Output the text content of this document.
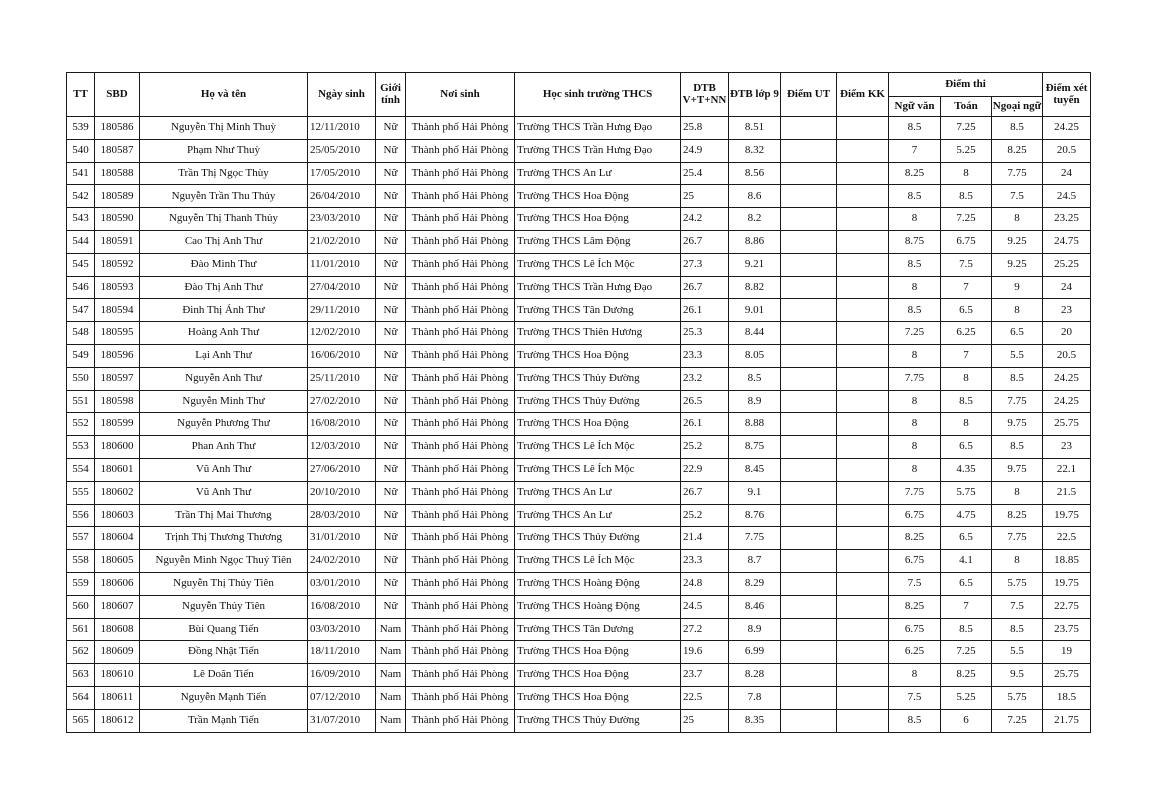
TT	SBD	Họ và tên	Ngày sinh	Giới tính	Nơi sinh	Học sinh trường THCS	DTB V+T+NN	ĐTB lớp 9	Điểm UT	Điểm KK	Điểm thi			Điểm xét tuyển
											Ngữ văn	Toán	Ngoại ngữ	
539	180586	Nguyễn Thị Minh Thuỳ	12/11/2010	Nữ	Thành phố Hải Phòng	Trường THCS Trần Hưng Đạo	25.8	8.51			8.5	7.25	8.5	24.25
540	180587	Phạm Như Thuỳ	25/05/2010	Nữ	Thành phố Hải Phòng	Trường THCS Trần Hưng Đạo	24.9	8.32			7	5.25	8.25	20.5
541	180588	Trần Thị Ngọc Thùy	17/05/2010	Nữ	Thành phố Hải Phòng	Trường THCS An Lư	25.4	8.56			8.25	8	7.75	24
542	180589	Nguyễn Trần Thu Thủy	26/04/2010	Nữ	Thành phố Hải Phòng	Trường THCS Hoa Động	25	8.6			8.5	8.5	7.5	24.5
543	180590	Nguyễn Thị Thanh Thủy	23/03/2010	Nữ	Thành phố Hải Phòng	Trường THCS Hoa Động	24.2	8.2			8	7.25	8	23.25
544	180591	Cao Thị Anh Thư	21/02/2010	Nữ	Thành phố Hải Phòng	Trường THCS Lâm Động	26.7	8.86			8.75	6.75	9.25	24.75
545	180592	Đào Minh Thư	11/01/2010	Nữ	Thành phố Hải Phòng	Trường THCS Lê Ích Mộc	27.3	9.21			8.5	7.5	9.25	25.25
546	180593	Đào Thị Anh Thư	27/04/2010	Nữ	Thành phố Hải Phòng	Trường THCS Trần Hưng Đạo	26.7	8.82			8	7	9	24
547	180594	Đinh Thị Ánh Thư	29/11/2010	Nữ	Thành phố Hải Phòng	Trường THCS Tân Dương	26.1	9.01			8.5	6.5	8	23
548	180595	Hoàng Anh Thư	12/02/2010	Nữ	Thành phố Hải Phòng	Trường THCS Thiên Hương	25.3	8.44			7.25	6.25	6.5	20
549	180596	Lại Anh Thư	16/06/2010	Nữ	Thành phố Hải Phòng	Trường THCS Hoa Động	23.3	8.05			8	7	5.5	20.5
550	180597	Nguyễn Anh Thư	25/11/2010	Nữ	Thành phố Hải Phòng	Trường THCS Thủy Đường	23.2	8.5			7.75	8	8.5	24.25
551	180598	Nguyễn Minh Thư	27/02/2010	Nữ	Thành phố Hải Phòng	Trường THCS Thủy Đường	26.5	8.9			8	8.5	7.75	24.25
552	180599	Nguyễn Phương Thư	16/08/2010	Nữ	Thành phố Hải Phòng	Trường THCS Hoa Động	26.1	8.88			8	8	9.75	25.75
553	180600	Phan Anh Thư	12/03/2010	Nữ	Thành phố Hải Phòng	Trường THCS Lê Ích Mộc	25.2	8.75			8	6.5	8.5	23
554	180601	Vũ Anh Thư	27/06/2010	Nữ	Thành phố Hải Phòng	Trường THCS Lê Ích Mộc	22.9	8.45			8	4.35	9.75	22.1
555	180602	Vũ Anh Thư	20/10/2010	Nữ	Thành phố Hải Phòng	Trường THCS An Lư	26.7	9.1			7.75	5.75	8	21.5
556	180603	Trần Thị Mai Thương	28/03/2010	Nữ	Thành phố Hải Phòng	Trường THCS An Lư	25.2	8.76			6.75	4.75	8.25	19.75
557	180604	Trịnh Thị Thương Thương	31/01/2010	Nữ	Thành phố Hải Phòng	Trường THCS Thủy Đường	21.4	7.75			8.25	6.5	7.75	22.5
558	180605	Nguyễn Minh Ngọc Thuý Tiên	24/02/2010	Nữ	Thành phố Hải Phòng	Trường THCS Lê Ích Mộc	23.3	8.7			6.75	4.1	8	18.85
559	180606	Nguyễn Thị Thủy Tiên	03/01/2010	Nữ	Thành phố Hải Phòng	Trường THCS Hoàng Động	24.8	8.29			7.5	6.5	5.75	19.75
560	180607	Nguyễn Thủy Tiên	16/08/2010	Nữ	Thành phố Hải Phòng	Trường THCS Hoàng Động	24.5	8.46			8.25	7	7.5	22.75
561	180608	Bùi Quang Tiến	03/03/2010	Nam	Thành phố Hải Phòng	Trường THCS Tân Dương	27.2	8.9			6.75	8.5	8.5	23.75
562	180609	Đồng Nhật Tiến	18/11/2010	Nam	Thành phố Hải Phòng	Trường THCS Hoa Động	19.6	6.99			6.25	7.25	5.5	19
563	180610	Lê Doãn Tiến	16/09/2010	Nam	Thành phố Hải Phòng	Trường THCS Hoa Động	23.7	8.28			8	8.25	9.5	25.75
564	180611	Nguyễn Mạnh Tiến	07/12/2010	Nam	Thành phố Hải Phòng	Trường THCS Hoa Động	22.5	7.8			7.5	5.25	5.75	18.5
565	180612	Trần Mạnh Tiến	31/07/2010	Nam	Thành phố Hải Phòng	Trường THCS Thủy Đường	25	8.35			8.5	6	7.25	21.75
